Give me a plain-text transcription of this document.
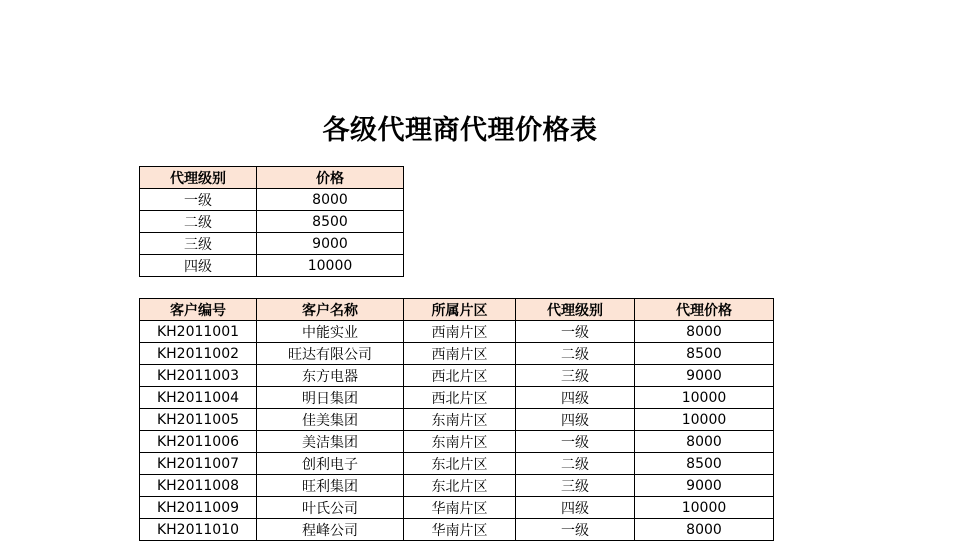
各级代理商代理价格表
代理级别	价格
一级	8000
二级	8500
三级	9000
四级	10000
客户编号	客户名称	所属片区	代理级别	代理价格
KH2011001	中能实业	西南片区	一级	8000
KH2011002	旺达有限公司	西南片区	二级	8500
KH2011003	东方电器	西北片区	三级	9000
KH2011004	明日集团	西北片区	四级	10000
KH2011005	佳美集团	东南片区	四级	10000
KH2011006	美洁集团	东南片区	一级	8000
KH2011007	创利电子	东北片区	二级	8500
KH2011008	旺利集团	东北片区	三级	9000
KH2011009	叶氏公司	华南片区	四级	10000
KH2011010	程峰公司	华南片区	一级	8000
